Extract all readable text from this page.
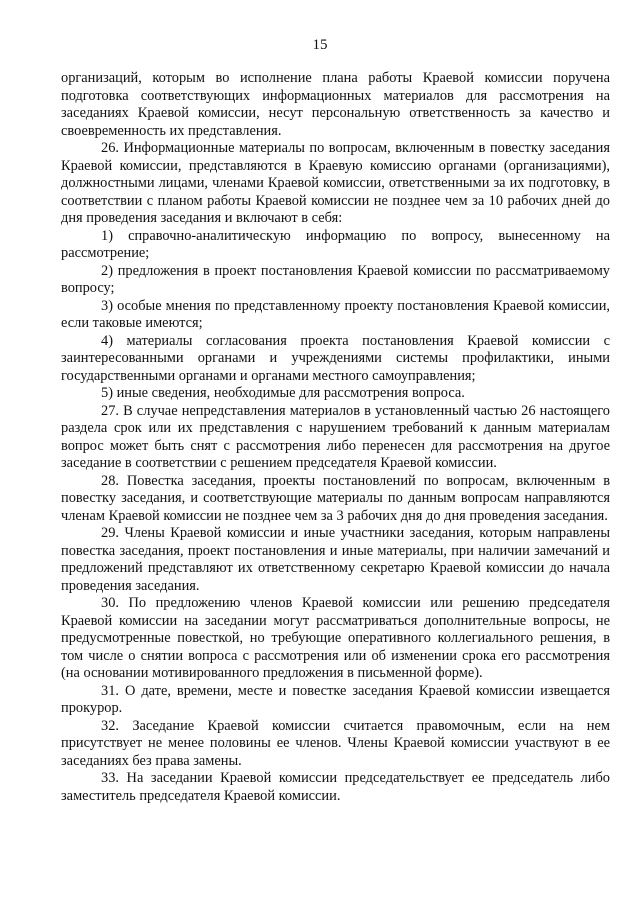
15

организаций, которым во исполнение плана работы Краевой комиссии поручена подготовка соответствующих информационных материалов для рассмотрения на заседаниях Краевой комиссии, несут персональную ответственность за качество и своевременность их представления.

26. Информационные материалы по вопросам, включенным в повестку заседания Краевой комиссии, представляются в Краевую комиссию органами (организациями), должностными лицами, членами Краевой комиссии, ответственными за их подготовку, в соответствии с планом работы Краевой комиссии не позднее чем за 10 рабочих дней до дня проведения заседания и включают в себя:

1) справочно-аналитическую информацию по вопросу, вынесенному на рассмотрение;

2) предложения в проект постановления Краевой комиссии по рассматриваемому вопросу;

3) особые мнения по представленному проекту постановления Краевой комиссии, если таковые имеются;

4) материалы согласования проекта постановления Краевой комиссии с заинтересованными органами и учреждениями системы профилактики, иными государственными органами и органами местного самоуправления;

5) иные сведения, необходимые для рассмотрения вопроса.

27. В случае непредставления материалов в установленный частью 26 настоящего раздела срок или их представления с нарушением требований к данным материалам вопрос может быть снят с рассмотрения либо перенесен для рассмотрения на другое заседание в соответствии с решением председателя Краевой комиссии.

28. Повестка заседания, проекты постановлений по вопросам, включенным в повестку заседания, и соответствующие материалы по данным вопросам направляются членам Краевой комиссии не позднее чем за 3 рабочих дня до дня проведения заседания.

29. Члены Краевой комиссии и иные участники заседания, которым направлены повестка заседания, проект постановления и иные материалы, при наличии замечаний и предложений представляют их ответственному секретарю Краевой комиссии до начала проведения заседания.

30. По предложению членов Краевой комиссии или решению председателя Краевой комиссии на заседании могут рассматриваться дополнительные вопросы, не предусмотренные повесткой, но требующие оперативного коллегиального решения, в том числе о снятии вопроса с рассмотрения или об изменении срока его рассмотрения (на основании мотивированного предложения в письменной форме).

31. О дате, времени, месте и повестке заседания Краевой комиссии извещается прокурор.

32. Заседание Краевой комиссии считается правомочным, если на нем присутствует не менее половины ее членов. Члены Краевой комиссии участвуют в ее заседаниях без права замены.

33. На заседании Краевой комиссии председательствует ее председатель либо заместитель председателя Краевой комиссии.
